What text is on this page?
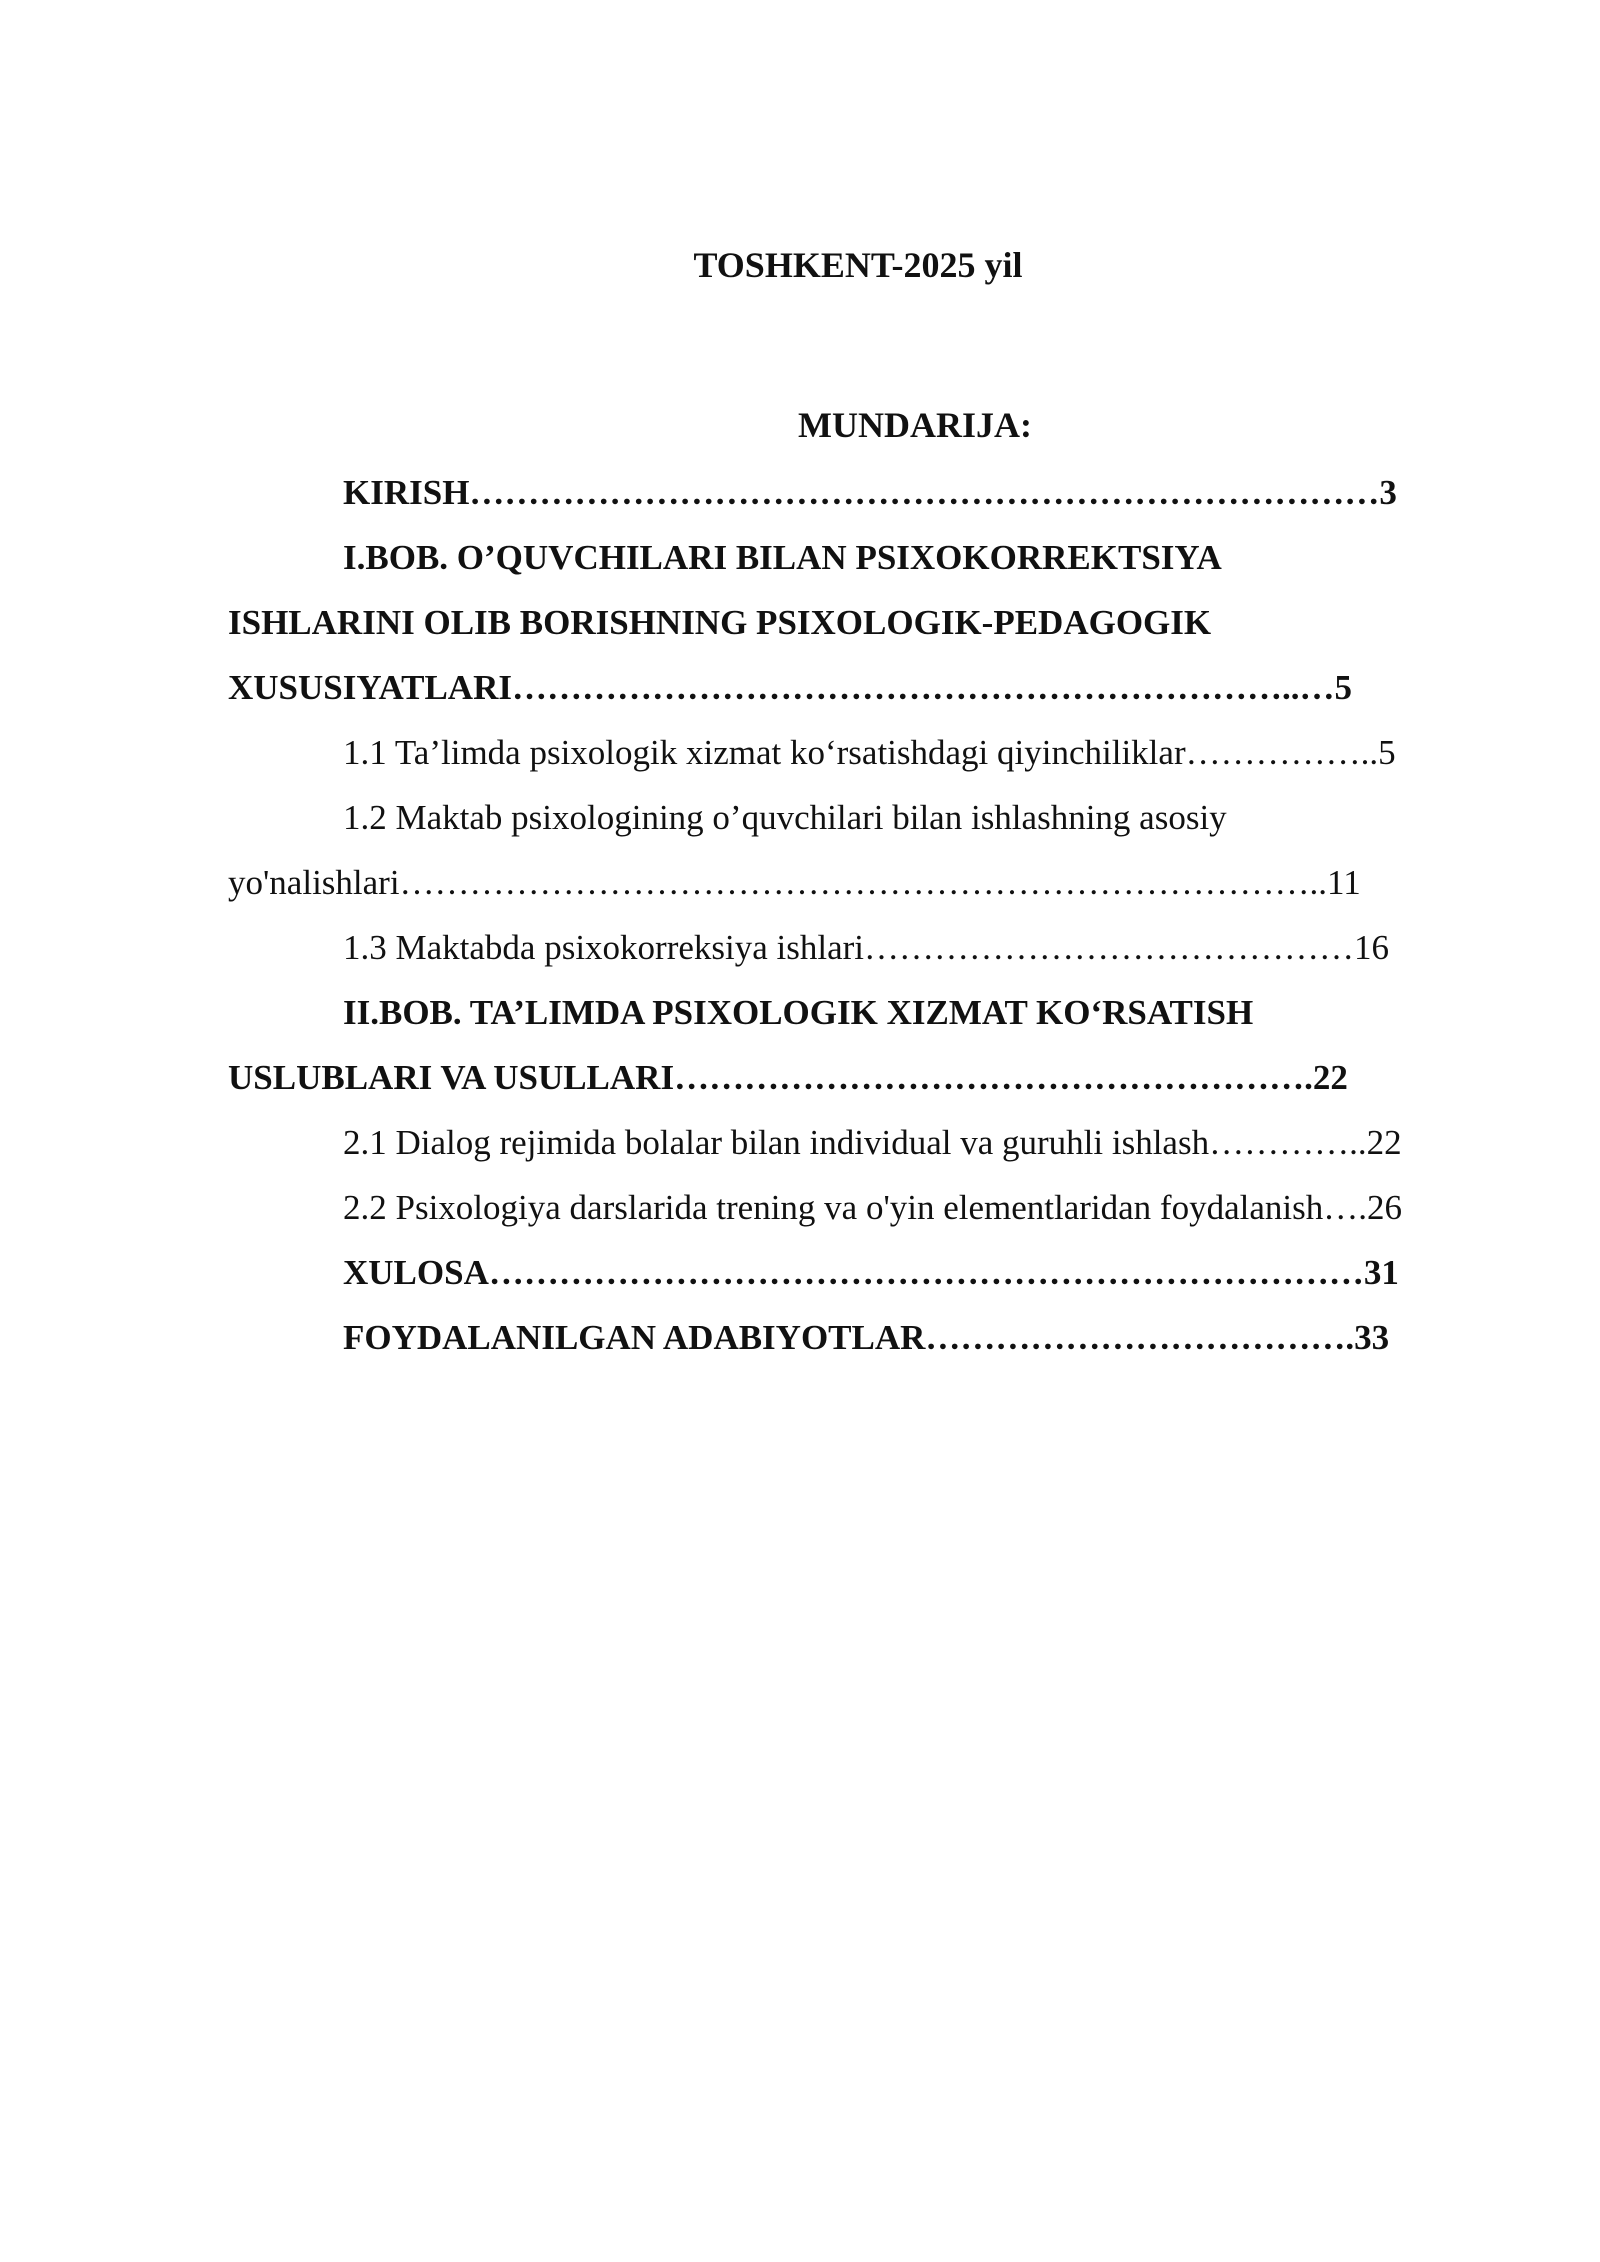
TOSHKENT-2025 yil
MUNDARIJA:
KIRISH……………………………………………………………………3
I.BOB. O’QUVCHILARI BILAN PSIXOKORREKTSIYA
ISHLARINI OLIB BORISHNING PSIXOLOGIK-PEDAGOGIK
XUSUSIYATLARI…………………………………………………………..…5
1.1 Ta’limda psixologik xizmat ko‘rsatishdagi qiyinchiliklar……………..5
1.2 Maktab psixologining o’quvchilari bilan ishlashning asosiy
yo'nalishlari……………………………………………………………………..11
1.3 Maktabda psixokorreksiya ishlari……………………………………16
II.BOB. TA’LIMDA PSIXOLOGIK XIZMAT KO‘RSATISH
USLUBLARI VA USULLARI……………………………………………….22
2.1 Dialog rejimida bolalar bilan individual va guruhli ishlash…………..22
2.2 Psixologiya darslarida trening va o'yin elementlaridan foydalanish….26
XULOSA…………………………………………………………………31
FOYDALANILGAN ADABIYOTLAR……………………………….33
